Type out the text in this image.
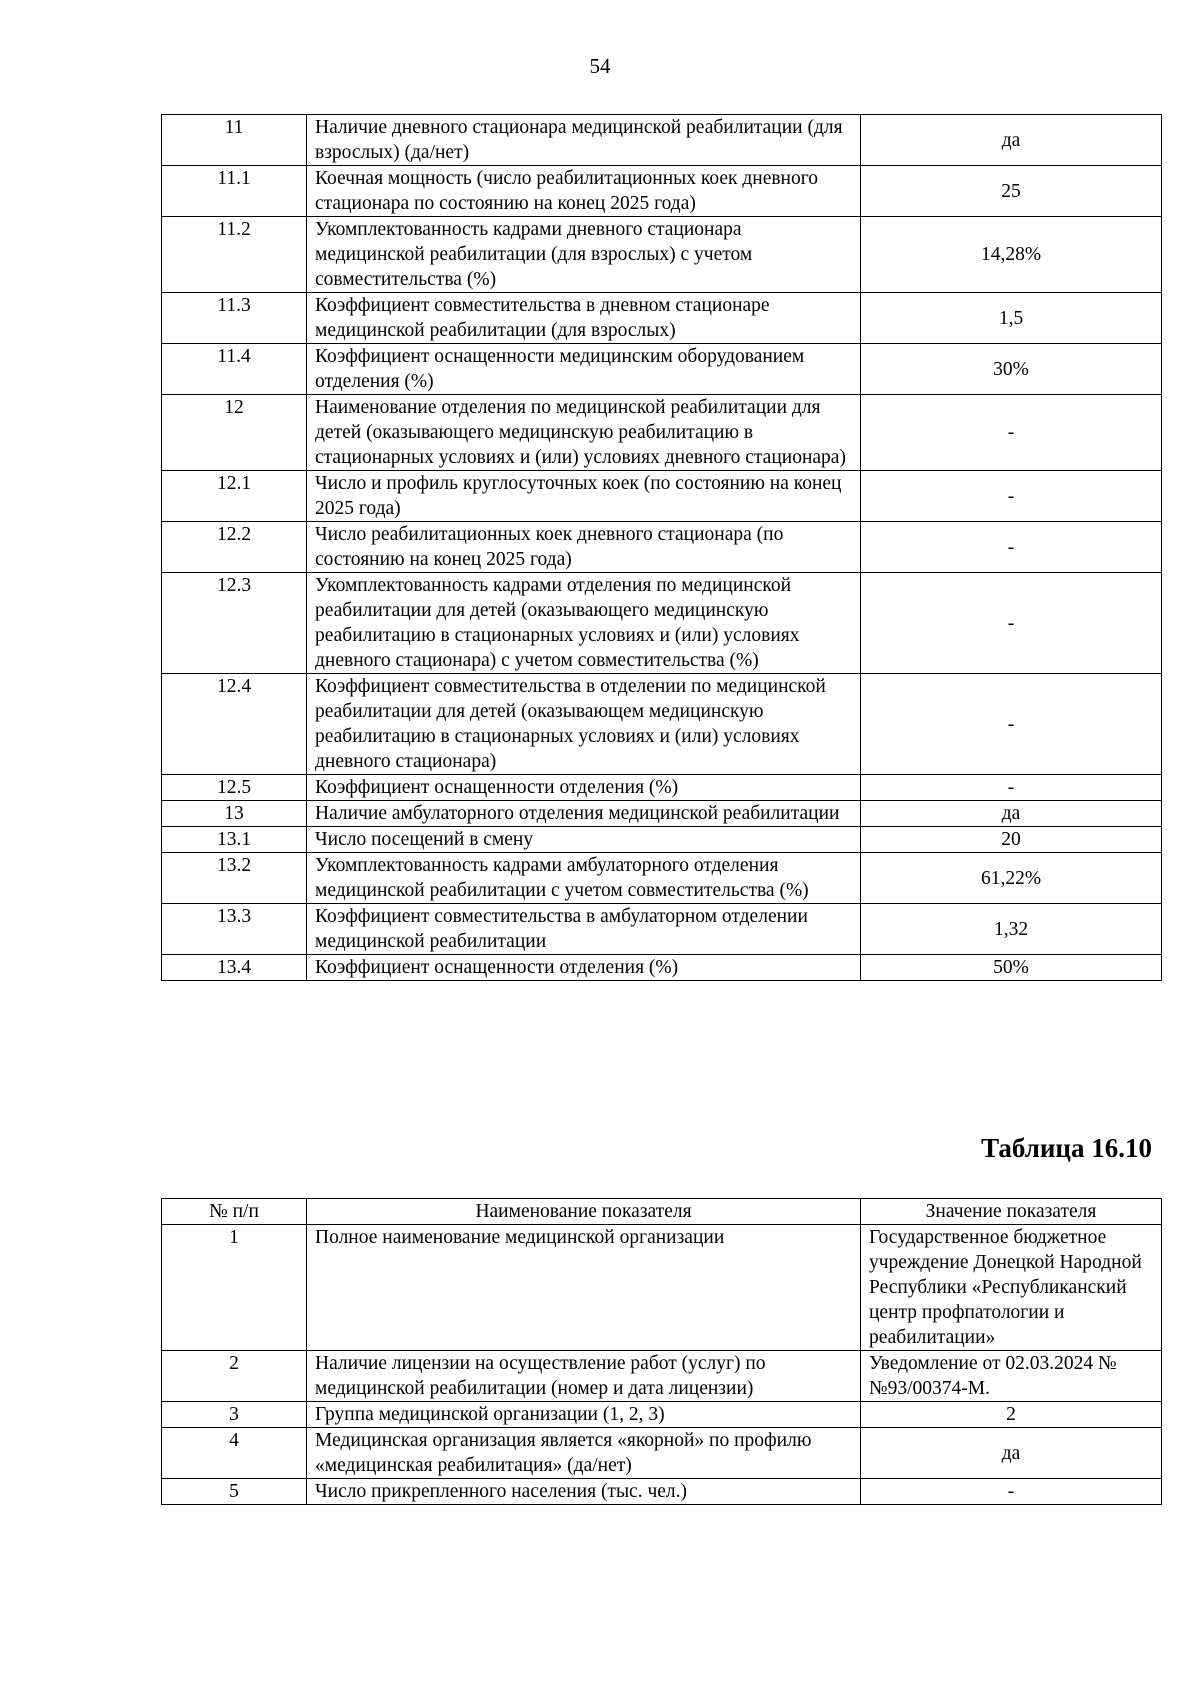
54
11	Наличие дневного стационара медицинской реабилитации (для взрослых) (да/нет)	да
11.1	Коечная мощность (число реабилитационных коек дневного стационара по состоянию на конец 2025 года)	25
11.2	Укомплектованность кадрами дневного стационара медицинской реабилитации (для взрослых) с учетом совместительства (%)	14,28%
11.3	Коэффициент совместительства в дневном стационаре медицинской реабилитации (для взрослых)	1,5
11.4	Коэффициент оснащенности медицинским оборудованием отделения (%)	30%
12	Наименование отделения по медицинской реабилитации для детей (оказывающего медицинскую реабилитацию в стационарных условиях и (или) условиях дневного стационара)	-
12.1	Число и профиль круглосуточных коек (по состоянию на конец 2025 года)	-
12.2	Число реабилитационных коек дневного стационара (по состоянию на конец 2025 года)	-
12.3	Укомплектованность кадрами отделения по медицинской реабилитации для детей (оказывающего медицинскую реабилитацию в стационарных условиях и (или) условиях дневного стационара) с учетом совместительства (%)	-
12.4	Коэффициент совместительства в отделении по медицинской реабилитации для детей (оказывающем медицинскую реабилитацию в стационарных условиях и (или) условиях дневного стационара)	-
12.5	Коэффициент оснащенности отделения (%)	-
13	Наличие амбулаторного отделения медицинской реабилитации	да
13.1	Число посещений в смену	20
13.2	Укомплектованность кадрами амбулаторного отделения медицинской реабилитации с учетом совместительства (%)	61,22%
13.3	Коэффициент совместительства в амбулаторном отделении медицинской реабилитации	1,32
13.4	Коэффициент оснащенности отделения (%)	50%
Таблица 16.10
№ п/п	Наименование показателя	Значение показателя
1	Полное наименование медицинской организации	Государственное бюджетное учреждение Донецкой Народной Республики «Республиканский центр профпатологии и реабилитации»
2	Наличие лицензии на осуществление работ (услуг) по медицинской реабилитации (номер и дата лицензии)	Уведомление от 02.03.2024 № №93/00374-М.
3	Группа медицинской организации (1, 2, 3)	2
4	Медицинская организация является «якорной» по профилю «медицинская реабилитация» (да/нет)	да
5	Число прикрепленного населения (тыс. чел.)	-
